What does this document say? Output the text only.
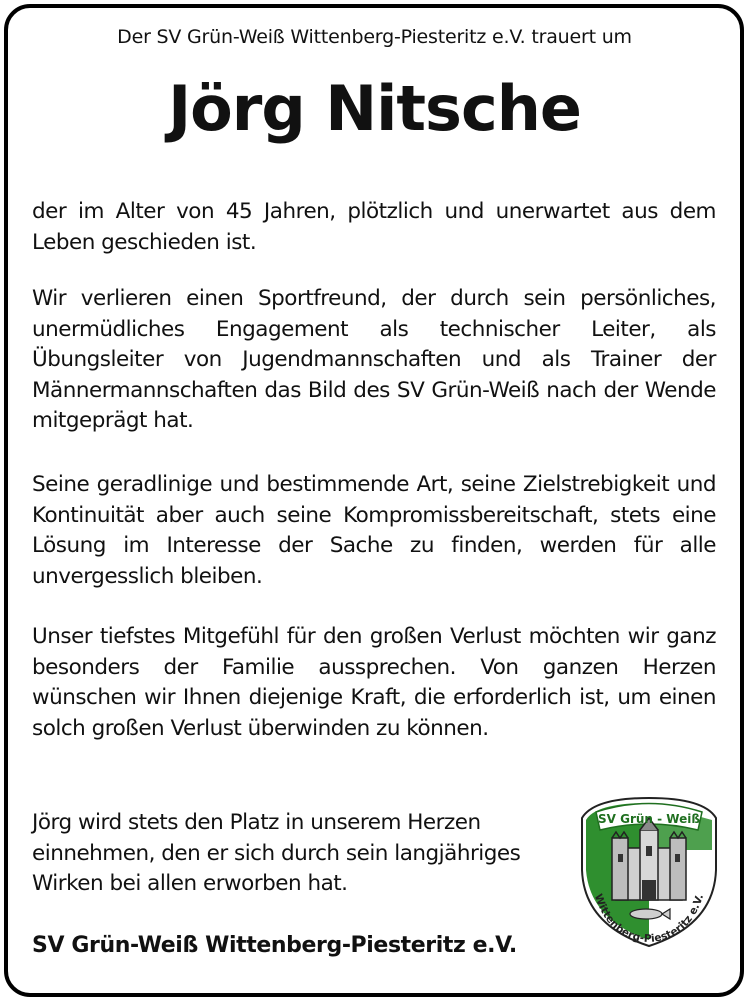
Der SV Grün-Weiß Wittenberg-Piesteritz e.V. trauert um
Jörg Nitsche
der im Alter von 45 Jahren, plötzlich und unerwartet aus dem Leben geschieden ist.
Wir verlieren einen Sportfreund, der durch sein persönliches, unermüdliches Engagement als technischer Leiter, als Übungsleiter von Jugendmannschaften und als Trainer der Männermannschaften das Bild des SV Grün-Weiß nach der Wende mitgeprägt hat.
Seine geradlinige und bestimmende Art, seine Zielstrebigkeit und Kontinuität aber auch seine Kompromissbereitschaft, stets eine Lösung im Interesse der Sache zu finden, werden für alle unvergesslich bleiben.
Unser tiefstes Mitgefühl für den großen Verlust möchten wir ganz besonders der Familie aussprechen. Von ganzen Herzen wünschen wir Ihnen diejenige Kraft, die erforderlich ist, um einen solch großen Verlust überwinden zu können.
Jörg wird stets den Platz in unserem Herzen einnehmen, den er sich durch sein langjähriges Wirken bei allen erworben hat.
SV Grün-Weiß Wittenberg-Piesteritz e.V.
SV Grün - Weiß
Wittenberg-Piesteritz e.V.
